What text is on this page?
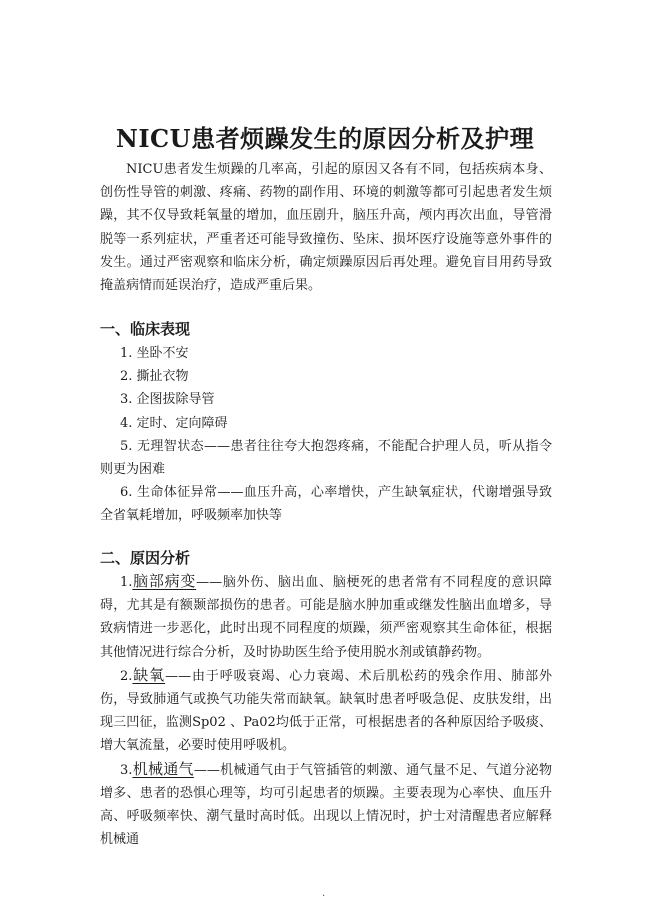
NICU患者烦躁发生的原因分析及护理

NICU患者发生烦躁的几率高，引起的原因又各有不同，包括疾病本身、创伤性导管的刺激、疼痛、药物的副作用、环境的刺激等都可引起患者发生烦躁，其不仅导致耗氧量的增加，血压剧升，脑压升高，颅内再次出血，导管滑脱等一系列症状，严重者还可能导致撞伤、坠床、损坏医疗设施等意外事件的发生。通过严密观察和临床分析，确定烦躁原因后再处理。避免盲目用药导致掩盖病情而延误治疗，造成严重后果。

一、临床表现
1. 坐卧不安
2. 撕扯衣物
3. 企图拔除导管
4. 定时、定向障碍
5. 无理智状态——患者往往夸大抱怨疼痛，不能配合护理人员，听从指令则更为困难
6. 生命体征异常——血压升高，心率增快，产生缺氧症状，代谢增强导致全省氧耗增加，呼吸频率加快等
二、原因分析
1.脑部病变——脑外伤、脑出血、脑梗死的患者常有不同程度的意识障碍，尤其是有额颞部损伤的患者。可能是脑水肿加重或继发性脑出血增多，导致病情进一步恶化，此时出现不同程度的烦躁，须严密观察其生命体征，根据其他情况进行综合分析，及时协助医生给予使用脱水剂或镇静药物。
2.缺氧——由于呼吸衰竭、心力衰竭、术后肌松药的残余作用、肺部外伤，导致肺通气或换气功能失常而缺氧。缺氧时患者呼吸急促、皮肤发绀，出现三凹征，监测Sp02 、Pa02均低于正常，可根据患者的各种原因给予吸痰、增大氧流量，必要时使用呼吸机。
3.机械通气——机械通气由于气管插管的刺激、通气量不足、气道分泌物增多、患者的恐惧心理等，均可引起患者的烦躁。主要表现为心率快、血压升高、呼吸频率快、潮气量时高时低。出现以上情况时，护士对清醒患者应解释机械通
.
